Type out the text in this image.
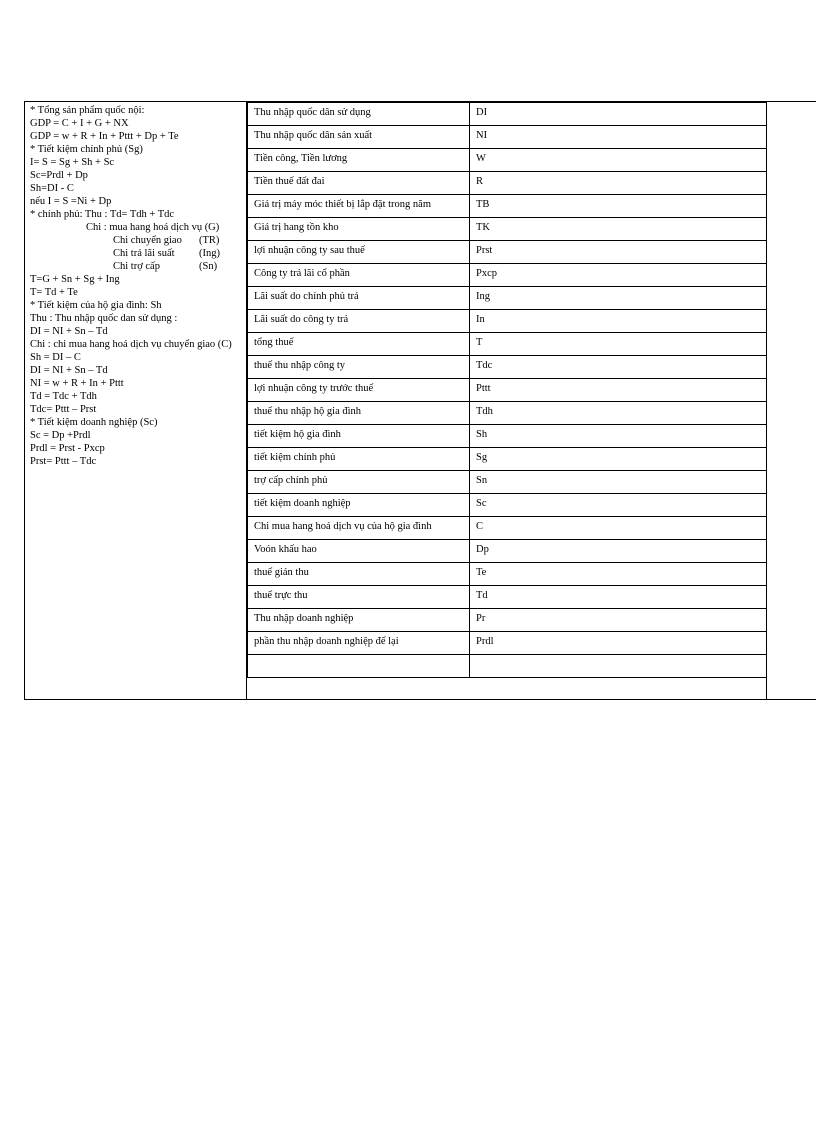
* Tổng sản phẩm quốc nội:
GDP = C + I + G + NX
GDP = w + R + In + Pttt + Dp + Te
* Tiết kiệm chính phủ (Sg)
I= S = Sg + Sh + Sc
Sc=Prdl + Dp
Sh=DI - C
nếu I = S =Ni + Dp
* chính phủ: Thu : Td= Tdh + Tdc
Chi : mua hang hoá dịch vụ (G)
Chi chuyển giao (TR)
Chi trả lãi suất (Ing)
Chi trợ cấp	(Sn)
T=G + Sn + Sg + Ing
T= Td + Te
* Tiết kiệm của hộ gia đình: Sh
Thu : Thu nhập quốc dan sử dụng :
DI = NI + Sn – Td
Chi : chi mua hang hoá dịch vụ chuyển giao (C)
Sh = DI – C
DI = NI + Sn – Td
NI = w + R + In + Pttt
Td = Tdc + Tdh
Tdc= Pttt – Prst
* Tiết kiệm doanh nghiệp (Sc)
Sc = Dp +Prdl
Prdl = Prst - Pxcp
Prst= Pttt – Tdc
Thu nhập quốc dân sử dụng	DI
Thu nhập quốc dân sản xuất	NI
Tiền công, Tiền lương	W
Tiền thuế đất đai	R
Giá trị máy móc thiết bị lắp đặt trong năm	TB
Giá trị hang tồn kho	TK
lợi nhuận công ty sau thuế	Prst
Công ty trả lãi cổ phần	Pxcp
Lãi suất do chính phủ trả	Ing
Lãi suất do công ty trả	In
tổng thuế	T
thuế thu nhập công ty	Tdc
lợi nhuận công ty trước thuế	Pttt
thuế thu nhập hộ gia đình	Tdh
tiết kiệm hộ gia đình	Sh
tiết kiệm chính phủ	Sg
trợ cấp chính phủ	Sn
tiết kiệm doanh nghiệp	Sc
Chi mua hang hoá dịch vụ của hộ gia đình	C
Voón khấu hao	Dp
thuế gián thu	Te
thuế trực thu	Td
Thu nhập doanh nghiệp	Pr
phần thu nhập doanh nghiệp để lại	Prdl
